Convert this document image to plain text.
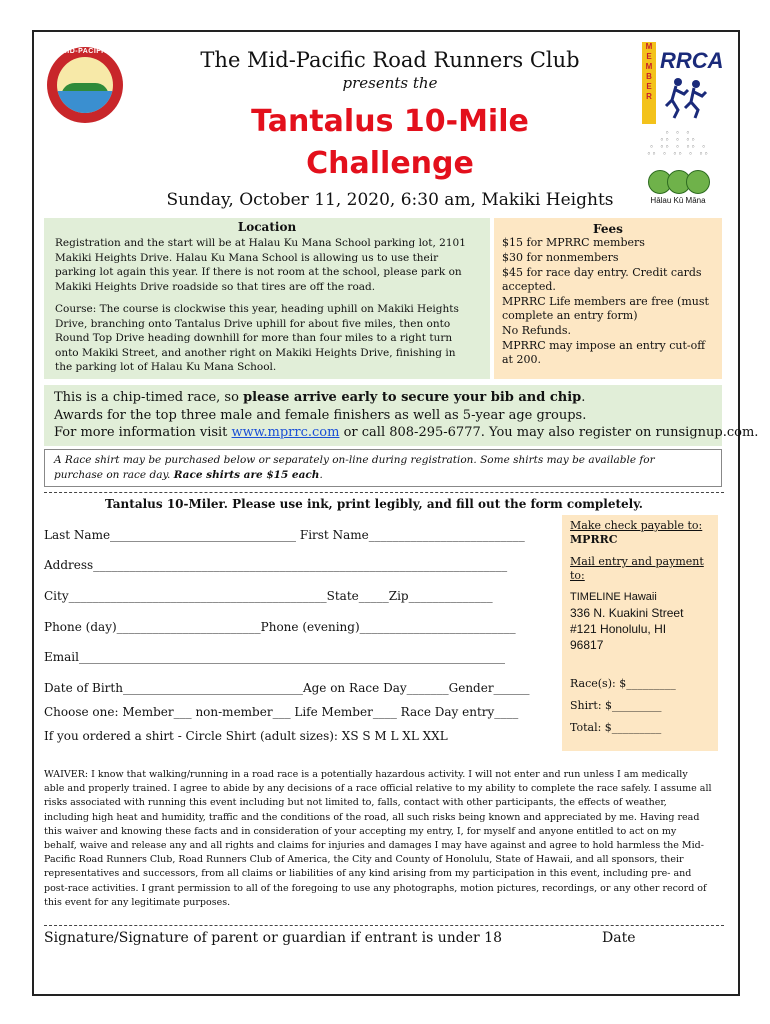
MID-PACIFIC	The Mid-Pacific Road Runners Club
presents the
Tantalus 10-Mile
Challenge
Sunday, October 11, 2020, 6:30 am, Makiki Heights
M
E
M
B
E
R
RRCA
◦ ◦ ◦
◦◦ ◦ ◦◦
◦ ◦◦ ◦ ◦◦ ◦
◦◦ ◦ ◦◦ ◦ ◦◦
Hālau Kū Māna
Location
Registration and the start will be at Halau Ku Mana School parking lot, 2101
Makiki Heights Drive. Halau Ku Mana School is allowing us to use their
parking lot again this year. If there is not room at the school, please park on
Makiki Heights Drive roadside so that tires are off the road.
Course: The course is clockwise this year, heading uphill on Makiki Heights
Drive, branching onto Tantalus Drive uphill for about five miles, then onto
Round Top Drive heading downhill for more than four miles to a right turn
onto Makiki Street, and another right on Makiki Heights Drive, finishing in
the parking lot of Halau Ku Mana School.
Fees
$15 for MPRRC members
$30 for nonmembers
$45 for race day entry. Credit cards
accepted.
MPRRC Life members are free (must
complete an entry form)
No Refunds.
MPRRC may impose an entry cut-off
at 200.
This is a chip-timed race, so please arrive early to secure your bib and chip.
Awards for the top three male and female finishers as well as 5-year age groups.
For more information visit www.mprrc.com or call 808-295-6777. You may also register on runsignup.com.
A Race shirt may be purchased below or separately on-line during registration. Some shirts may be available for
purchase on race day. Race shirts are $15 each.
Tantalus 10-Miler. Please use ink, print legibly, and fill out the form completely.
Make check payable to:
MPRRC
Mail entry and payment
to:
TIMELINE Hawaii
336 N. Kuakini Street
#121 Honolulu, HI
96817
Race(s): $_________
Shirt: $_________
Total: $_________
Last Name_______________________________ First Name__________________________
Address_____________________________________________________________________
City___________________________________________State_____Zip______________
Phone (day)________________________Phone (evening)__________________________
Email_______________________________________________________________________
Date of Birth______________________________Age on Race Day_______Gender______
Choose one: Member___ non-member___ Life Member____ Race Day entry____
If you ordered a shirt - Circle Shirt (adult sizes): XS S M L XL XXL
WAIVER: I know that walking/running in a road race is a potentially hazardous activity. I will not enter and run unless I am medically
able and properly trained. I agree to abide by any decisions of a race official relative to my ability to complete the race safely. I assume all
risks associated with running this event including but not limited to, falls, contact with other participants, the effects of weather,
including high heat and humidity, traffic and the conditions of the road, all such risks being known and appreciated by me. Having read
this waiver and knowing these facts and in consideration of your accepting my entry, I, for myself and anyone entitled to act on my
behalf, waive and release any and all rights and claims for injuries and damages I may have against and agree to hold harmless the Mid-
Pacific Road Runners Club, Road Runners Club of America, the City and County of Honolulu, State of Hawaii, and all sponsors, their
representatives and successors, from all claims or liabilities of any kind arising from my participation in this event, including pre- and
post-race activities. I grant permission to all of the foregoing to use any photographs, motion pictures, recordings, or any other record of
this event for any legitimate purposes.
Signature/Signature of parent or guardian if entrant is under 18	Date
